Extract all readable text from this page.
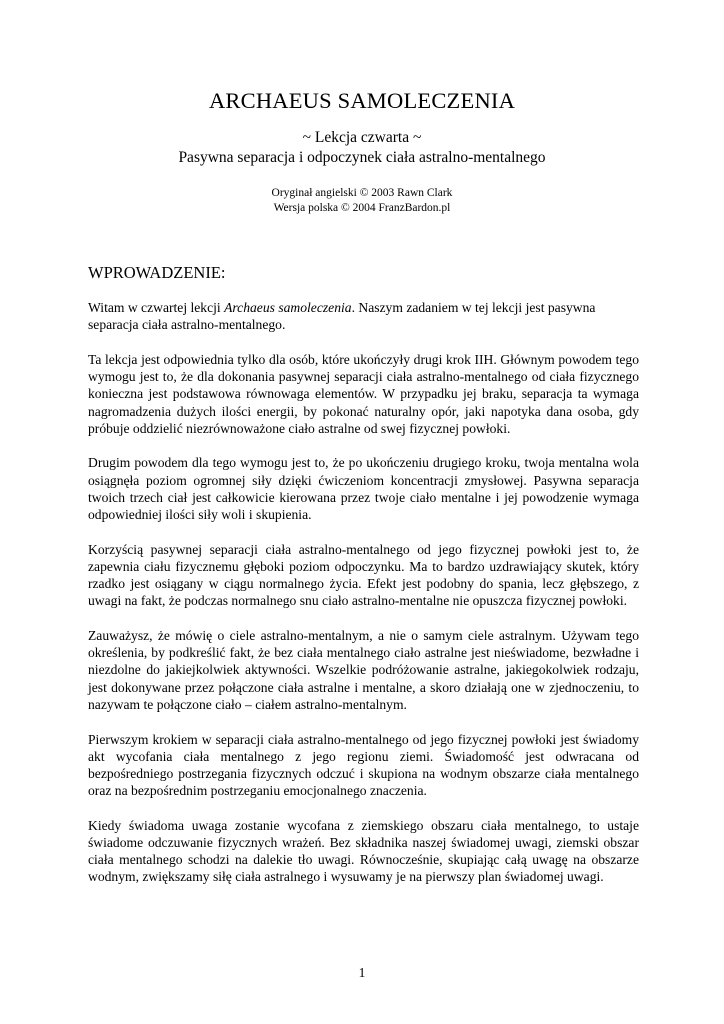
ARCHAEUS SAMOLECZENIA
~ Lekcja czwarta ~
Pasywna separacja i odpoczynek ciała astralno-mentalnego
Oryginał angielski © 2003 Rawn Clark
Wersja polska © 2004 FranzBardon.pl
WPROWADZENIE:

Witam w czwartej lekcji Archaeus samoleczenia. Naszym zadaniem w tej lekcji jest pasywna separacja ciała astralno-mentalnego.

Ta lekcja jest odpowiednia tylko dla osób, które ukończyły drugi krok IIH. Głównym powodem tego wymogu jest to, że dla dokonania pasywnej separacji ciała astralno-mentalnego od ciała fizycznego konieczna jest podstawowa równowaga elementów. W przypadku jej braku, separacja ta wymaga nagromadzenia dużych ilości energii, by pokonać naturalny opór, jaki napotyka dana osoba, gdy próbuje oddzielić niezrównoważone ciało astralne od swej fizycznej powłoki.

Drugim powodem dla tego wymogu jest to, że po ukończeniu drugiego kroku, twoja mentalna wola osiągnęła poziom ogromnej siły dzięki ćwiczeniom koncentracji zmysłowej. Pasywna separacja twoich trzech ciał jest całkowicie kierowana przez twoje ciało mentalne i jej powodzenie wymaga odpowiedniej ilości siły woli i skupienia.

Korzyścią pasywnej separacji ciała astralno-mentalnego od jego fizycznej powłoki jest to, że zapewnia ciału fizycznemu głęboki poziom odpoczynku. Ma to bardzo uzdrawiający skutek, który rzadko jest osiągany w ciągu normalnego życia. Efekt jest podobny do spania, lecz głębszego, z uwagi na fakt, że podczas normalnego snu ciało astralno-mentalne nie opuszcza fizycznej powłoki.

Zauważysz, że mówię o ciele astralno-mentalnym, a nie o samym ciele astralnym. Używam tego określenia, by podkreślić fakt, że bez ciała mentalnego ciało astralne jest nieświadome, bezwładne i niezdolne do jakiejkolwiek aktywności. Wszelkie podróżowanie astralne, jakiegokolwiek rodzaju, jest dokonywane przez połączone ciała astralne i mentalne, a skoro działają one w zjednoczeniu, to nazywam te połączone ciało – ciałem astralno-mentalnym.

Pierwszym krokiem w separacji ciała astralno-mentalnego od jego fizycznej powłoki jest świadomy akt wycofania ciała mentalnego z jego regionu ziemi. Świadomość jest odwracana od bezpośredniego postrzegania fizycznych odczuć i skupiona na wodnym obszarze ciała mentalnego oraz na bezpośrednim postrzeganiu emocjonalnego znaczenia.

Kiedy świadoma uwaga zostanie wycofana z ziemskiego obszaru ciała mentalnego, to ustaje świadome odczuwanie fizycznych wrażeń. Bez składnika naszej świadomej uwagi, ziemski obszar ciała mentalnego schodzi na dalekie tło uwagi. Równocześnie, skupiając całą uwagę na obszarze wodnym, zwiększamy siłę ciała astralnego i wysuwamy je na pierwszy plan świadomej uwagi.

1
